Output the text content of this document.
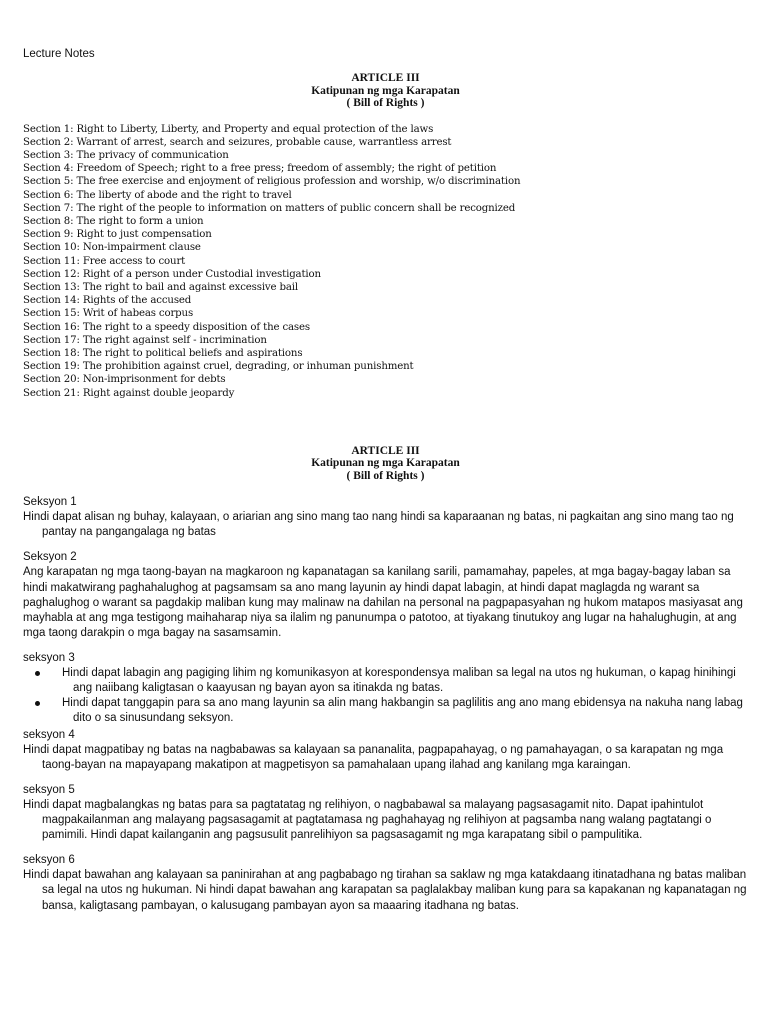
Lecture Notes
ARTICLE III
Katipunan ng mga Karapatan
( Bill of Rights )
Section 1: Right to Liberty, Liberty, and Property and equal protection of the laws
Section 2: Warrant of arrest, search and seizures, probable cause, warrantless arrest
Section 3: The privacy of communication
Section 4: Freedom of Speech; right to a free press; freedom of assembly; the right of petition
Section 5: The free exercise and enjoyment of religious profession and worship, w/o discrimination
Section 6: The liberty of abode and the right to travel
Section 7: The right of the people to information on matters of public concern shall be recognized
Section 8: The right to form a union
Section 9: Right to just compensation
Section 10: Non-impairment clause
Section 11: Free access to court
Section 12: Right of a person under Custodial investigation
Section 13: The right to bail and against excessive bail
Section 14: Rights of the accused
Section 15: Writ of habeas corpus
Section 16: The right to a speedy disposition of the cases
Section 17: The right against self - incrimination
Section 18: The right to political beliefs and aspirations
Section 19: The prohibition against cruel, degrading, or inhuman punishment
Section 20: Non-imprisonment for debts
Section 21: Right against double jeopardy
ARTICLE III
Katipunan ng mga Karapatan
( Bill of Rights )
Seksyon 1

Hindi dapat alisan ng buhay, kalayaan, o ariarian ang sino mang tao nang hindi sa kaparaanan ng batas, ni pagkaitan ang sino mang tao ng pantay na pangangalaga ng batas

Seksyon 2

Ang karapatan ng mga taong-bayan na magkaroon ng kapanatagan sa kanilang sarili, pamamahay, papeles, at mga bagay-bagay laban sa hindi makatwirang paghahalughog at pagsamsam sa ano mang layunin ay hindi dapat labagin, at hindi dapat maglagda ng warant sa paghalughog o warant sa pagdakip maliban kung may malinaw na dahilan na personal na pagpapasyahan ng hukom matapos masiyasat ang mayhabla at ang mga testigong maihaharap niya sa ilalim ng panunumpa o patotoo, at tiyakang tinutukoy ang lugar na hahalughugin, at ang mga taong darakpin o mga bagay na sasamsamin.

seksyon 3
Hindi dapat labagin ang pagiging lihim ng komunikasyon at korespondensya maliban sa legal na utos ng hukuman, o kapag hinihingi ang naiibang kaligtasan o kaayusan ng bayan ayon sa itinakda ng batas.
Hindi dapat tanggapin para sa ano mang layunin sa alin mang hakbangin sa paglilitis ang ano mang ebidensya na nakuha nang labag dito o sa sinusundang seksyon.
seksyon 4

Hindi dapat magpatibay ng batas na nagbabawas sa kalayaan sa pananalita, pagpapahayag, o ng pamahayagan, o sa karapatan ng mga taong-bayan na mapayapang makatipon at magpetisyon sa pamahalaan upang ilahad ang kanilang mga karaingan.

seksyon 5

Hindi dapat magbalangkas ng batas para sa pagtatatag ng relihiyon, o nagbabawal sa malayang pagsasagamit nito. Dapat ipahintulot magpakailanman ang malayang pagsasagamit at pagtatamasa ng paghahayag ng relihiyon at pagsamba nang walang pagtatangi o pamimili. Hindi dapat kailanganin ang pagsusulit panrelihiyon sa pagsasagamit ng mga karapatang sibil o pampulitika.

seksyon 6

Hindi dapat bawahan ang kalayaan sa paninirahan at ang pagbabago ng tirahan sa saklaw ng mga katakdaang itinatadhana ng batas maliban sa legal na utos ng hukuman. Ni hindi dapat bawahan ang karapatan sa paglalakbay maliban kung para sa kapakanan ng kapanatagan ng bansa, kaligtasang pambayan, o kalusugang pambayan ayon sa maaaring itadhana ng batas.
